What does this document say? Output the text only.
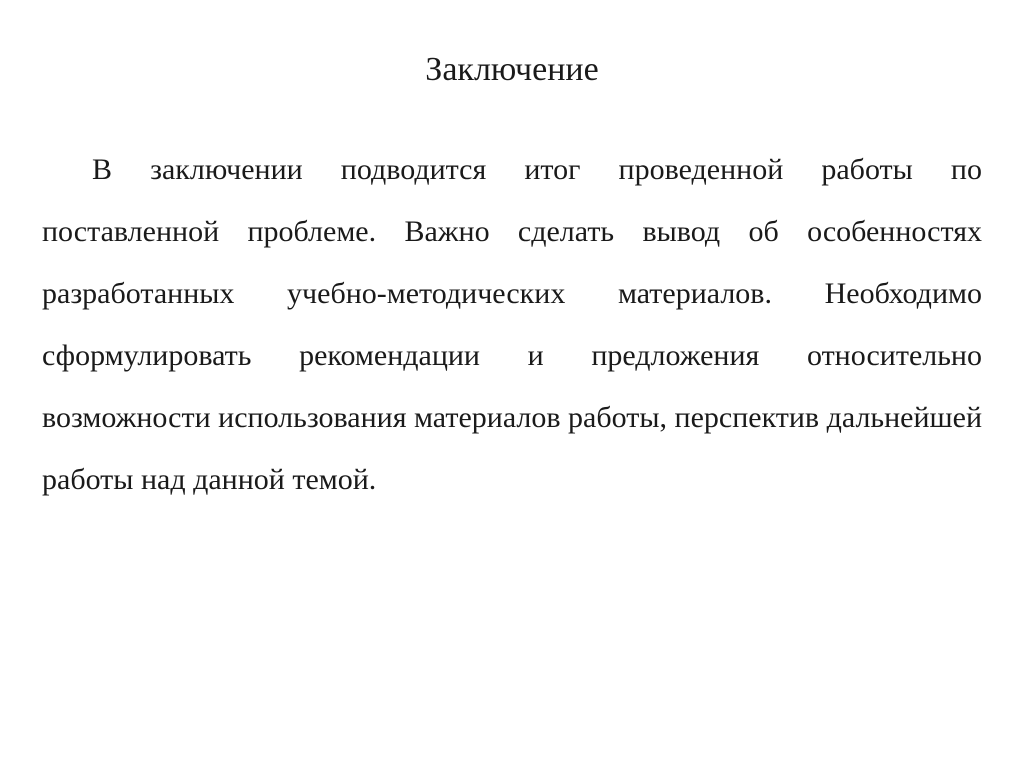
Заключение

В заключении подводится итог проведенной работы по поставленной проблеме. Важно сделать вывод об особенностях разработанных учебно-методических материалов. Необходимо сформулировать рекомендации и предложения относительно возможности использования материалов работы, перспектив дальнейшей работы над данной темой.
